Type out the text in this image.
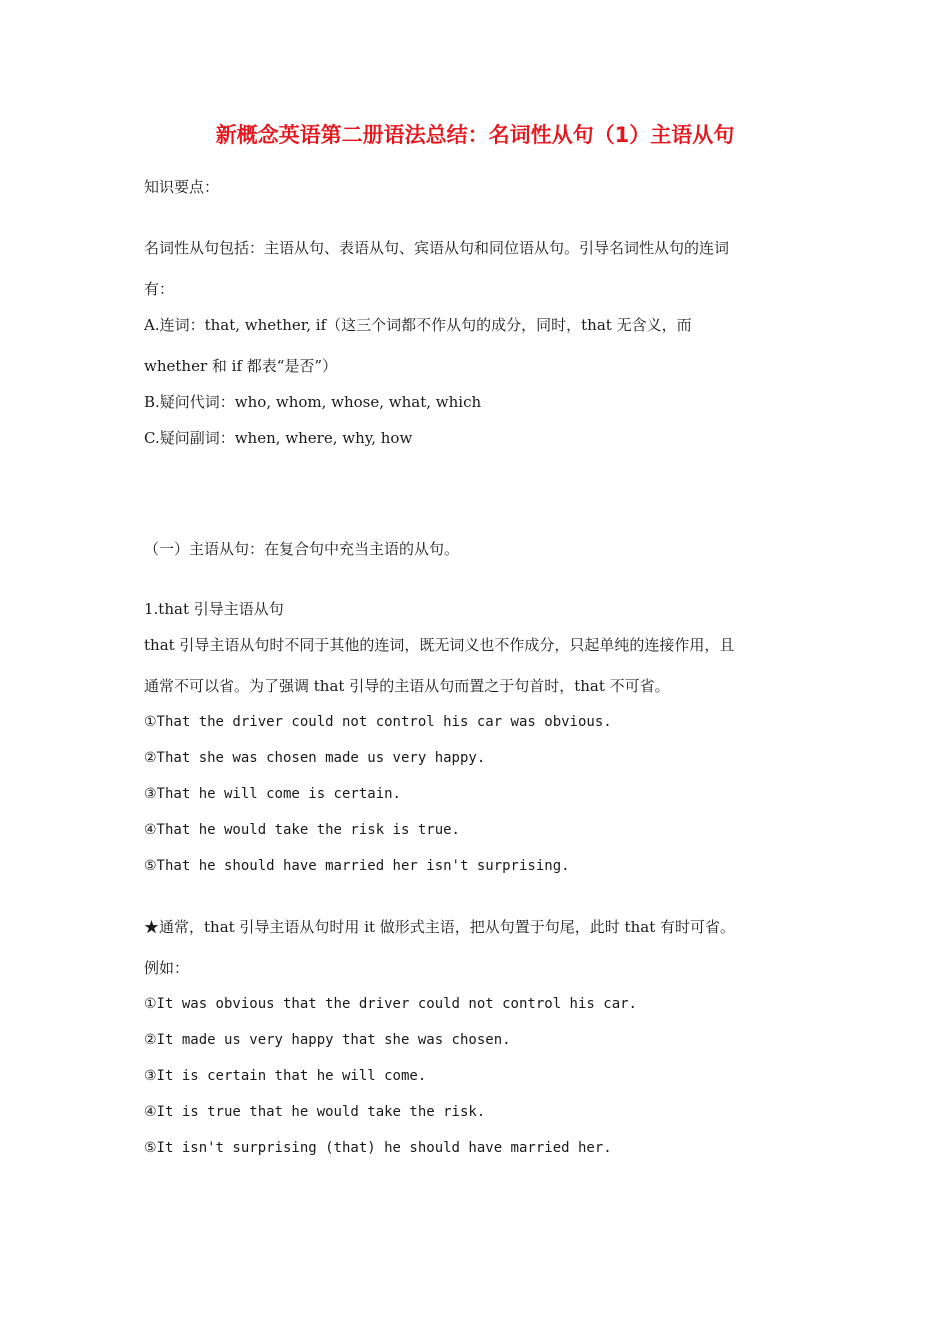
新概念英语第二册语法总结：名词性从句（1）主语从句
知识要点：
名词性从句包括：主语从句、表语从句、宾语从句和同位语从句。引导名词性从句的连词
有：
A.连词：that, whether, if（这三个词都不作从句的成分，同时，that 无含义，而
whether 和 if 都表“是否”）
B.疑问代词：who, whom, whose, what, which
C.疑问副词：when, where, why, how
（一）主语从句：在复合句中充当主语的从句。
1.that 引导主语从句
that 引导主语从句时不同于其他的连词，既无词义也不作成分，只起单纯的连接作用，且
通常不可以省。为了强调 that 引导的主语从句而置之于句首时，that 不可省。
①That the driver could not control his car was obvious.
②That she was chosen made us very happy.
③That he will come is certain.
④That he would take the risk is true.
⑤That he should have married her isn't surprising.
★通常，that 引导主语从句时用 it 做形式主语，把从句置于句尾，此时 that 有时可省。
例如：
①It was obvious that the driver could not control his car.
②It made us very happy that she was chosen.
③It is certain that he will come.
④It is true that he would take the risk.
⑤It isn't surprising (that) he should have married her.
